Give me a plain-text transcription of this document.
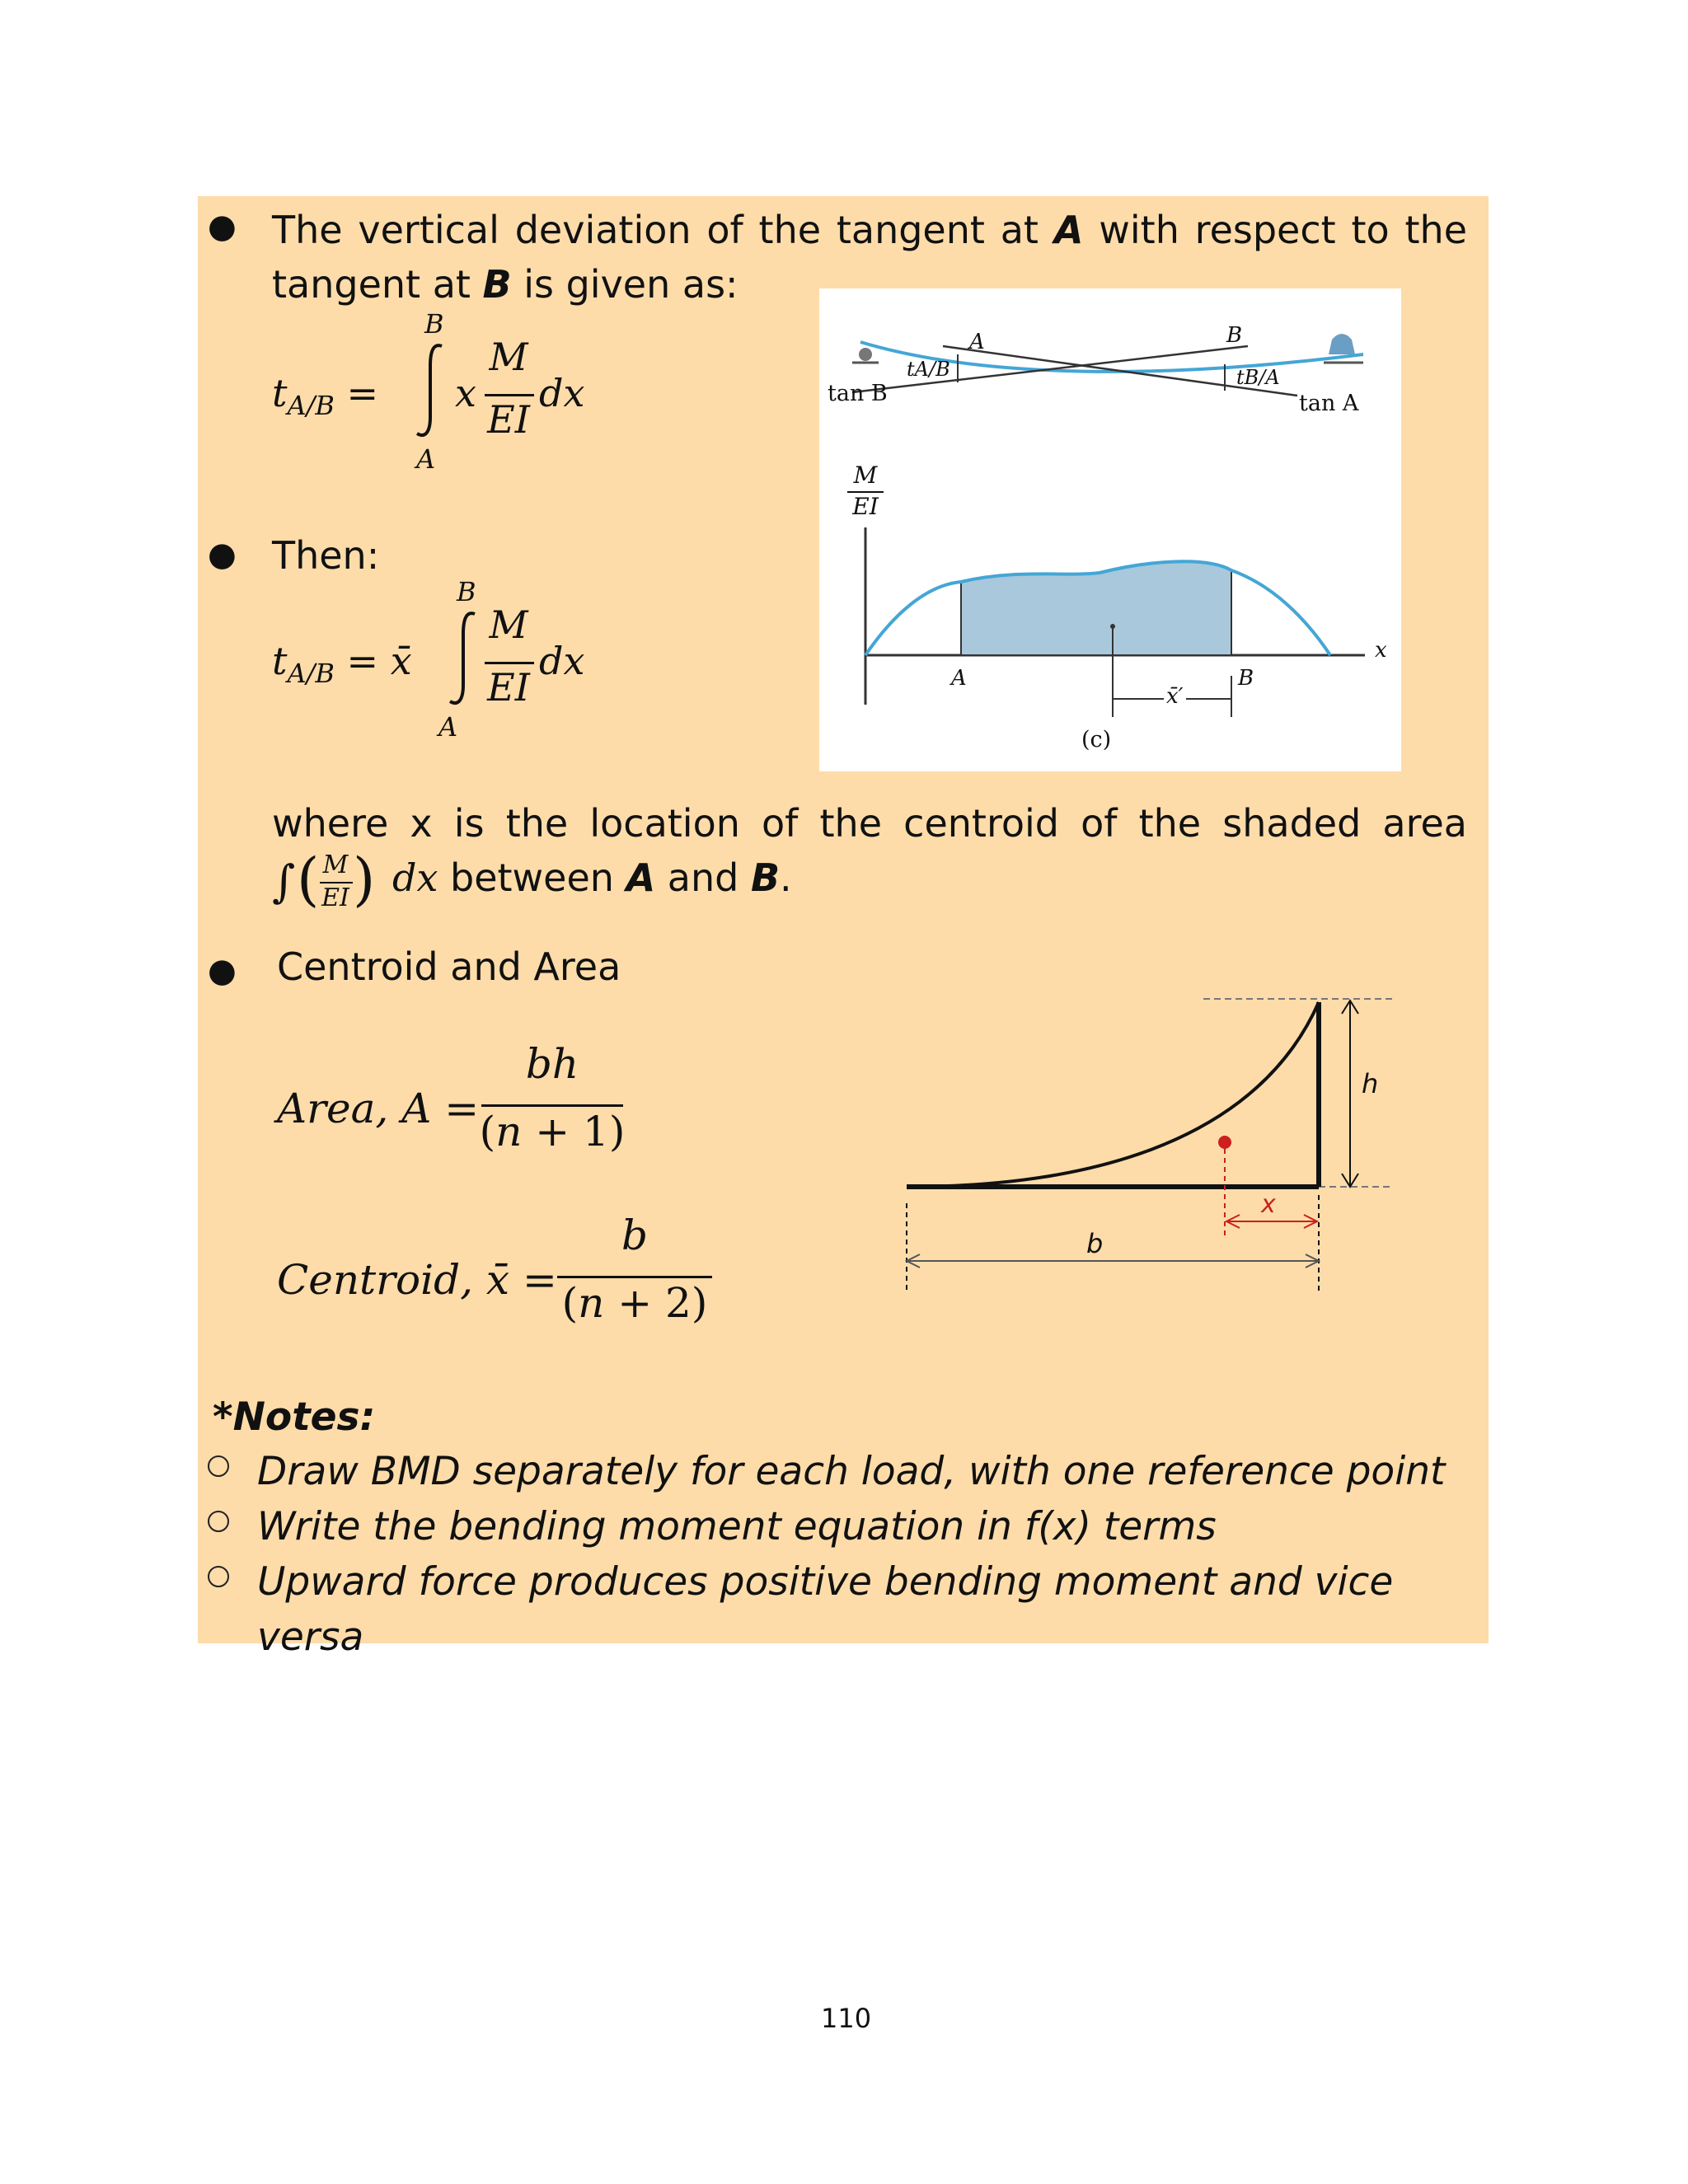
● The vertical deviation of the tangent at A with respect to the
tangent at B is given as:
$t_{A/B}$ =
B
A
x
M
EI
dx
● Then:
$t_{A/B}$ = x̄
B
A
M
EI
dx
tan B	tan A
tA/B	tB/A
A	B
M
EI
A	B
x
x̄′
(c)
where x is the location of the centroid of the shaded area
∫ ( M
EI ) dx between A and B.
● Centroid and Area
Area, A =
bh
(n + 1)
Centroid, x̄ =
b
(n + 2)
h
b
x
*Notes:
Draw BMD separately for each load, with one reference point
Write the bending moment equation in f(x) terms
Upward force produces positive bending moment and vice versa
110
